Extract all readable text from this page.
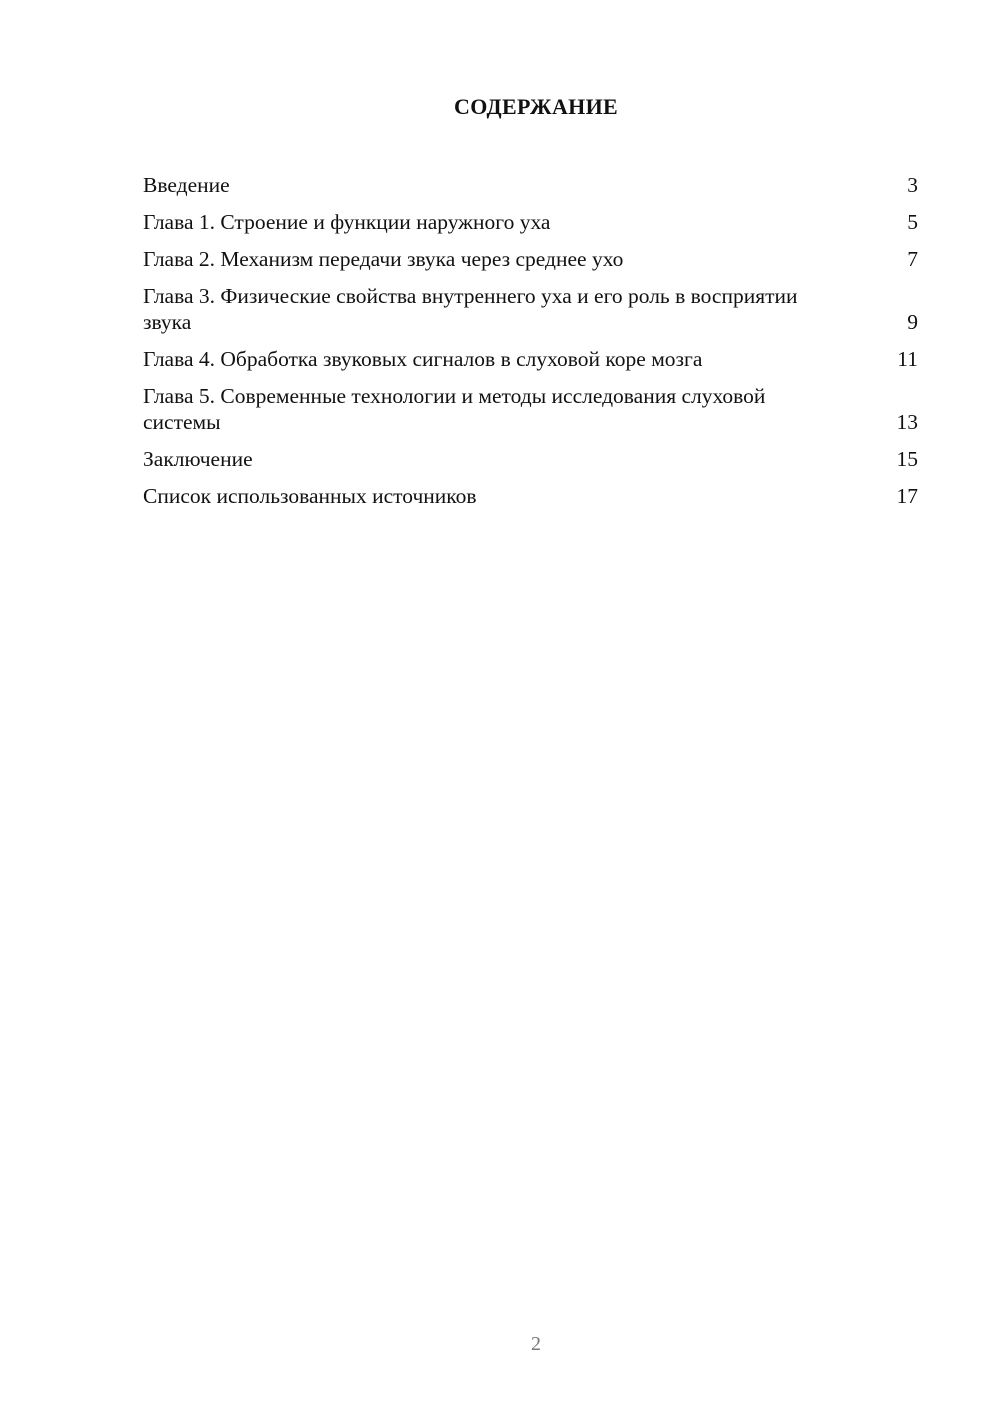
СОДЕРЖАНИЕ
Введение	3
Глава 1. Строение и функции наружного уха	5
Глава 2. Механизм передачи звука через среднее ухо	7
Глава 3. Физические свойства внутреннего уха и его роль в восприятии звука	9
Глава 4. Обработка звуковых сигналов в слуховой коре мозга	11
Глава 5. Современные технологии и методы исследования слуховой системы	13
Заключение	15
Список использованных источников	17
2
